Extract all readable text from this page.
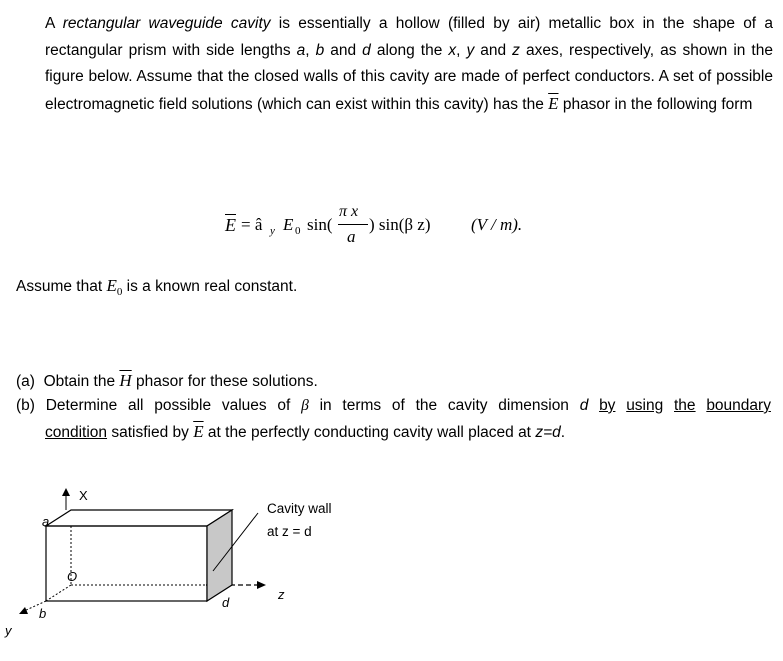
A rectangular waveguide cavity is essentially a hollow (filled by air) metallic box in the shape of a rectangular prism with side lengths a, b and d along the x, y and z axes, respectively, as shown in the figure below. Assume that the closed walls of this cavity are made of perfect conductors. A set of possible electromagnetic field solutions (which can exist within this cavity) has the $\overline{E}$ phasor in the following form
$\overline{E}$ = â y E 0 sin(
π x
a
) sin(β z) (V / m).
Assume that $E_0$ is a known real constant.
(a) Obtain the $\overline{H}$ phasor for these solutions.
(b) Determine all possible values of β in terms of the cavity dimension d by using the boundary
condition satisfied by $\overline{E}$ at the perfectly conducting cavity wall placed at z=d.
X
y
z
a
b
d
O
Cavity wall
at z = d
